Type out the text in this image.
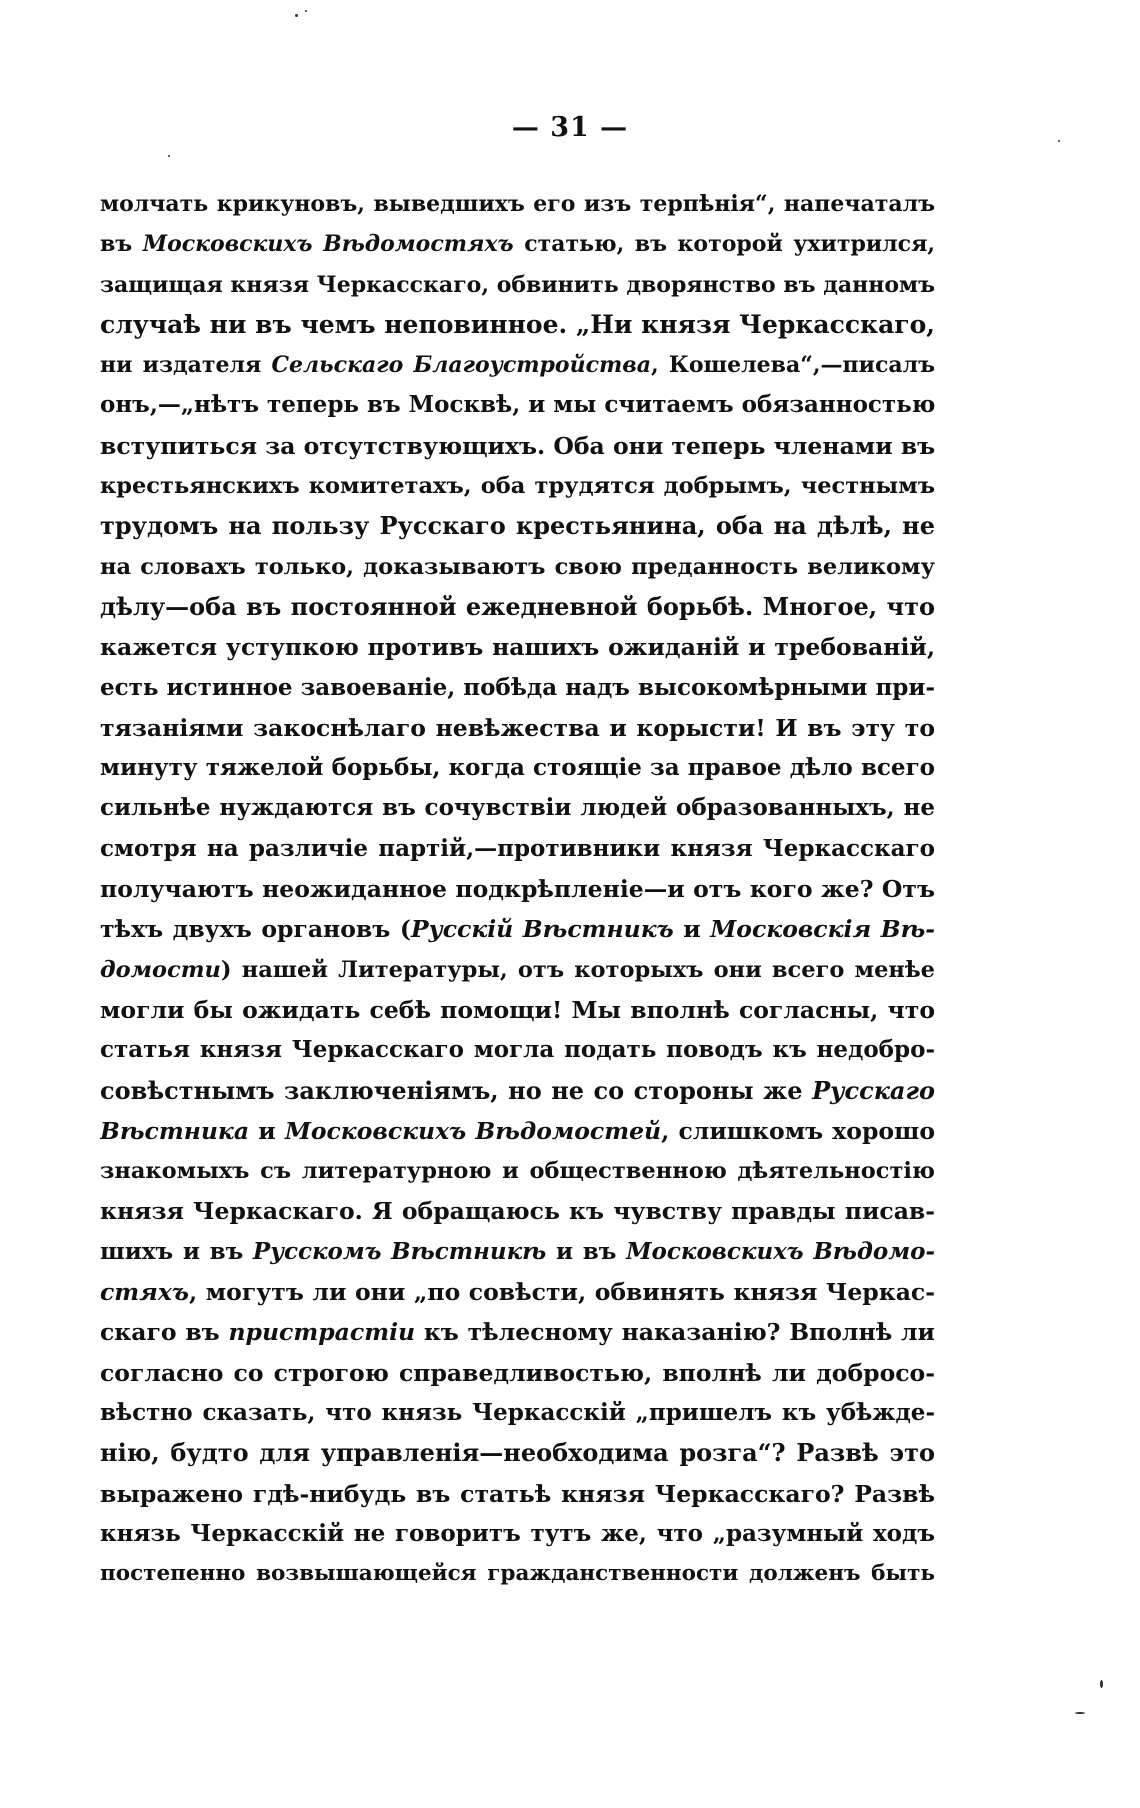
— 31 —
молчать крикуновъ, выведшихъ его изъ терпѣнія“, напечаталъ
въ Московскихъ Вѣдомостяхъ статью, въ которой ухитрился,
защищая князя Черкасскаго, обвинить дворянство въ данномъ
случаѣ ни въ чемъ неповинное. „Ни князя Черкасскаго,
ни издателя Сельскаго Благоустройства, Кошелева“,—писалъ
онъ,—„нѣтъ теперь въ Москвѣ, и мы считаемъ обязанностью
вступиться за отсутствующихъ. Оба они теперь членами въ
крестьянскихъ комитетахъ, оба трудятся добрымъ, честнымъ
трудомъ на пользу Русскаго крестьянина, оба на дѣлѣ, не
на словахъ только, доказываютъ свою преданность великому
дѣлу—оба въ постоянной ежедневной борьбѣ. Многое, что
кажется уступкою противъ нашихъ ожиданій и требованій,
есть истинное завоеваніе, побѣда надъ высокомѣрными при-
тязаніями закоснѣлаго невѣжества и корысти! И въ эту то
минуту тяжелой борьбы, когда стоящіе за правое дѣло всего
сильнѣе нуждаются въ сочувствіи людей образованныхъ, не
смотря на различіе партій,—противники князя Черкасскаго
получаютъ неожиданное подкрѣпленіе—и отъ кого же? Отъ
тѣхъ двухъ органовъ (Русскій Вѣстникъ и Московскія Вѣ-
домости) нашей Литературы, отъ которыхъ они всего менѣе
могли бы ожидать себѣ помощи! Мы вполнѣ согласны, что
статья князя Черкасскаго могла подать поводъ къ недобро-
совѣстнымъ заключеніямъ, но не со стороны же Русскаго
Вѣстника и Московскихъ Вѣдомостей, слишкомъ хорошо
знакомыхъ съ литературною и общественною дѣятельностію
князя Черкаскаго. Я обращаюсь къ чувству правды писав-
шихъ и въ Русскомъ Вѣстникѣ и въ Московскихъ Вѣдомо-
стяхъ, могутъ ли они „по совѣсти, обвинять князя Черкас-
скаго въ пристрастіи къ тѣлесному наказанію? Вполнѣ ли
согласно со строгою справедливостью, вполнѣ ли добросо-
вѣстно сказать, что князь Черкасскій „пришелъ къ убѣжде-
нію, будто для управленія—необходима розга“? Развѣ это
выражено гдѣ-нибудь въ статьѣ князя Черкасскаго? Развѣ
князь Черкасскій не говоритъ тутъ же, что „разумный ходъ
постепенно возвышающейся гражданственности долженъ быть
